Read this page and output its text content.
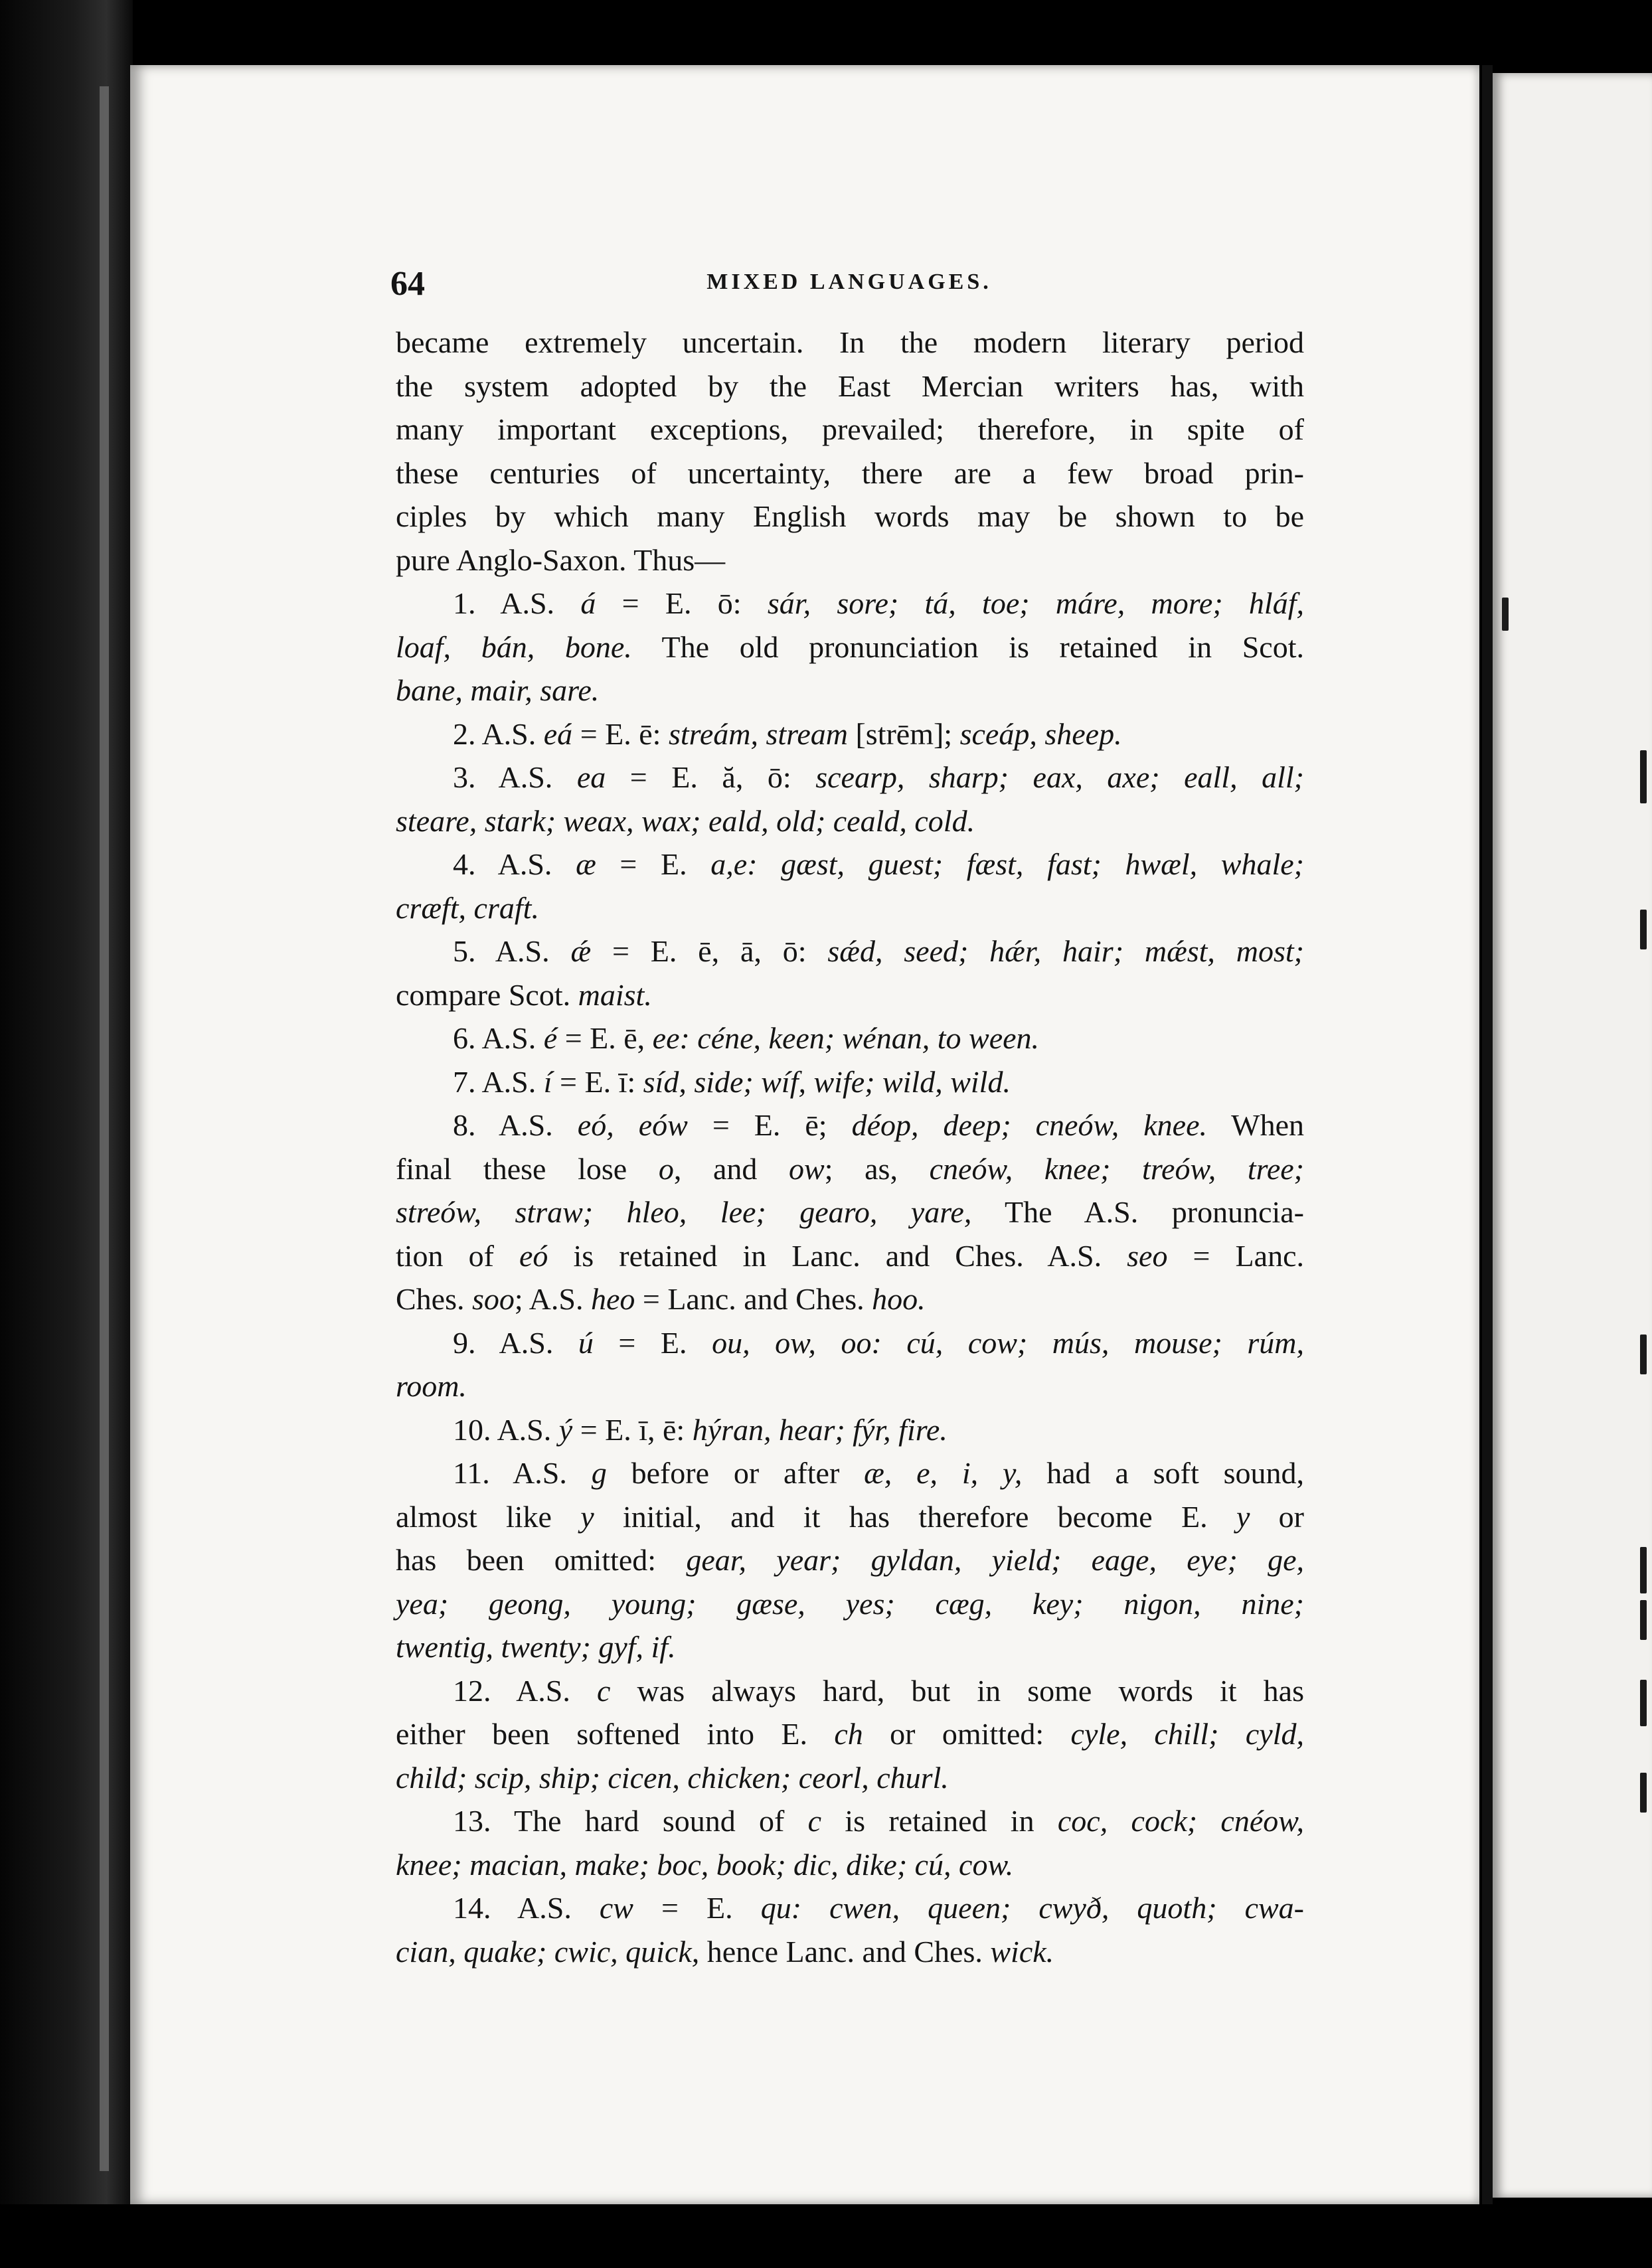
64	MIXED LANGUAGES.
became extremely uncertain. In the modern literary period
the system adopted by the East Mercian writers has, with
many important exceptions, prevailed; therefore, in spite of
these centuries of uncertainty, there are a few broad prin-
ciples by which many English words may be shown to be
pure Anglo-Saxon. Thus—
1. A.S. á = E. ō: sár, sore; tá, toe; máre, more; hláf,
loaf, bán, bone. The old pronunciation is retained in Scot.
bane, mair, sare.
2. A.S. eá = E. ē: streám, stream [strēm]; sceáp, sheep.
3. A.S. ea = E. ă, ō: scearp, sharp; eax, axe; eall, all;
steare, stark; weax, wax; eald, old; ceald, cold.
4. A.S. æ = E. a,e: gæst, guest; fæst, fast; hwæl, whale;
cræft, craft.
5. A.S. ǽ = E. ē, ā, ō: sǽd, seed; hǽr, hair; mǽst, most;
compare Scot. maist.
6. A.S. é = E. ē, ee: céne, keen; wénan, to ween.
7. A.S. í = E. ī: síd, side; wíf, wife; wild, wild.
8. A.S. eó, eów = E. ē; déop, deep; cneów, knee. When
final these lose o, and ow; as, cneów, knee; treów, tree;
streów, straw; hleo, lee; gearo, yare, The A.S. pronuncia-
tion of eó is retained in Lanc. and Ches. A.S. seo = Lanc.
Ches. soo; A.S. heo = Lanc. and Ches. hoo.
9. A.S. ú = E. ou, ow, oo: cú, cow; mús, mouse; rúm,
room.
10. A.S. ý = E. ī, ē: hýran, hear; fýr, fire.
11. A.S. g before or after æ, e, i, y, had a soft sound,
almost like y initial, and it has therefore become E. y or
has been omitted: gear, year; gyldan, yield; eage, eye; ge,
yea; geong, young; gæse, yes; cæg, key; nigon, nine;
twentig, twenty; gyf, if.
12. A.S. c was always hard, but in some words it has
either been softened into E. ch or omitted: cyle, chill; cyld,
child; scip, ship; cicen, chicken; ceorl, churl.
13. The hard sound of c is retained in coc, cock; cnéow,
knee; macian, make; boc, book; dic, dike; cú, cow.
14. A.S. cw = E. qu: cwen, queen; cwyð, quoth; cwa-
cian, quake; cwic, quick, hence Lanc. and Ches. wick.
